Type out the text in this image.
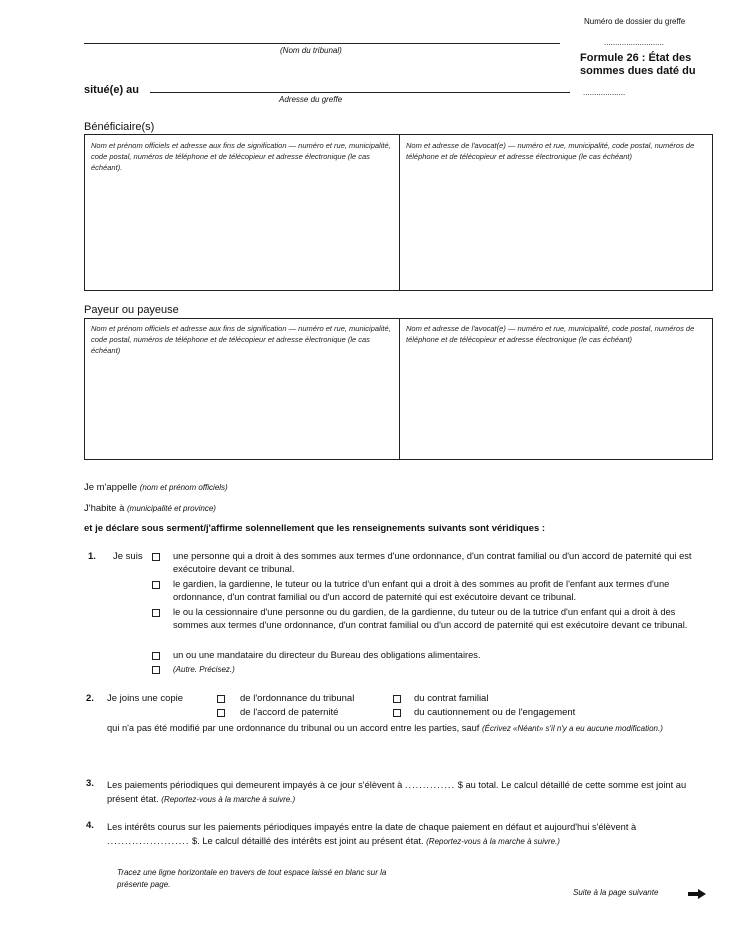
Numéro de dossier du greffe
...........................
(Nom du tribunal)
situé(e) au
Adresse du greffe
Formule 26 : État des
sommes dues daté du
...................
Bénéficiaire(s)
Nom et prénom officiels et adresse aux fins de signification — numéro et rue, municipalité, code postal, numéros de téléphone et de télécopieur et adresse électronique (le cas échéant).
Nom et adresse de l'avocat(e) — numéro et rue, municipalité, code postal, numéros de téléphone et de télécopieur et adresse électronique (le cas échéant)
Payeur ou payeuse
Nom et prénom officiels et adresse aux fins de signification — numéro et rue, municipalité, code postal, numéros de téléphone et de télécopieur et adresse électronique (le cas échéant)
Nom et adresse de l'avocat(e) — numéro et rue, municipalité, code postal, numéros de téléphone et de télécopieur et adresse électronique (le cas échéant)
Je m'appelle (nom et prénom officiels)
J'habite à (municipalité et province)
et je déclare sous serment/j'affirme solennellement que les renseignements suivants sont véridiques :
1. Je suis	une personne qui a droit à des sommes aux termes d'une ordonnance, d'un contrat familial ou d'un accord de paternité qui est exécutoire devant ce tribunal.
le gardien, la gardienne, le tuteur ou la tutrice d'un enfant qui a droit à des sommes au profit de l'enfant aux termes d'une ordonnance, d'un contrat familial ou d'un accord de paternité qui est exécutoire devant ce tribunal.
le ou la cessionnaire d'une personne ou du gardien, de la gardienne, du tuteur ou de la tutrice d'un enfant qui a droit à des sommes aux termes d'une ordonnance, d'un contrat familial ou d'un accord de paternité qui est exécutoire devant ce tribunal.
un ou une mandataire du directeur du Bureau des obligations alimentaires.
(Autre. Précisez.)
2. Je joins une copie	de l'ordonnance du tribunal	du contrat familial
de l'accord de paternité	du cautionnement ou de l'engagement
qui n'a pas été modifié par une ordonnance du tribunal ou un accord entre les parties, sauf (Écrivez «Néant» s'il n'y a eu aucune modification.)
3. Les paiements périodiques qui demeurent impayés à ce jour s'élèvent à .............. $ au total. Le calcul détaillé de cette somme est joint au présent état. (Reportez-vous à la marche à suivre.)
4. Les intérêts courus sur les paiements périodiques impayés entre la date de chaque paiement en défaut et aujourd'hui s'élèvent à ....................... $. Le calcul détaillé des intérêts est joint au présent état. (Reportez-vous à la marche à suivre.)
Tracez une ligne horizontale en travers de tout espace laissé en blanc sur la présente page.
Suite à la page suivante
